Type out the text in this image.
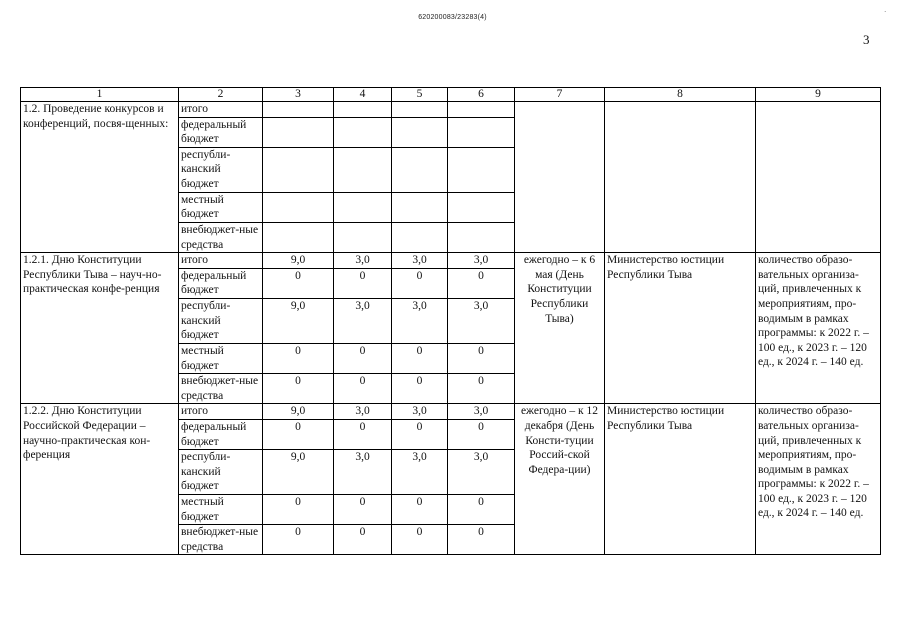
620200083/23283(4)
·
3
1	2	3	4	5	6	7	8	9
1.2. Проведение конкурсов и конференций, посвя-щенных:	итого							
	федеральный бюджет							
	республи-канский бюджет							
	местный бюджет							
	внебюджет-ные средства							
1.2.1. Дню Конституции Республики Тыва – науч-но-практическая конфе-ренция	итого	9,0	3,0	3,0	3,0	ежегодно – к 6 мая (День Конституции Республики Тыва)	Министерство юстиции Республики Тыва	количество образо-вательных организа-ций, привлеченных к мероприятиям, про-водимым в рамках программы: к 2022 г. – 100 ед., к 2023 г. – 120 ед., к 2024 г. – 140 ед.
	федеральный бюджет	0	0	0	0			
	республи-канский бюджет	9,0	3,0	3,0	3,0			
	местный бюджет	0	0	0	0			
	внебюджет-ные средства	0	0	0	0			
1.2.2. Дню Конституции Российской Федерации – научно-практическая кон-ференция	итого	9,0	3,0	3,0	3,0	ежегодно – к 12 декабря (День Консти-туции Россий-ской Федера-ции)	Министерство юстиции Республики Тыва	количество образо-вательных организа-ций, привлеченных к мероприятиям, про-водимым в рамках программы: к 2022 г. – 100 ед., к 2023 г. – 120 ед., к 2024 г. – 140 ед.
	федеральный бюджет	0	0	0	0			
	республи-канский бюджет	9,0	3,0	3,0	3,0			
	местный бюджет	0	0	0	0			
	внебюджет-ные средства	0	0	0	0			
